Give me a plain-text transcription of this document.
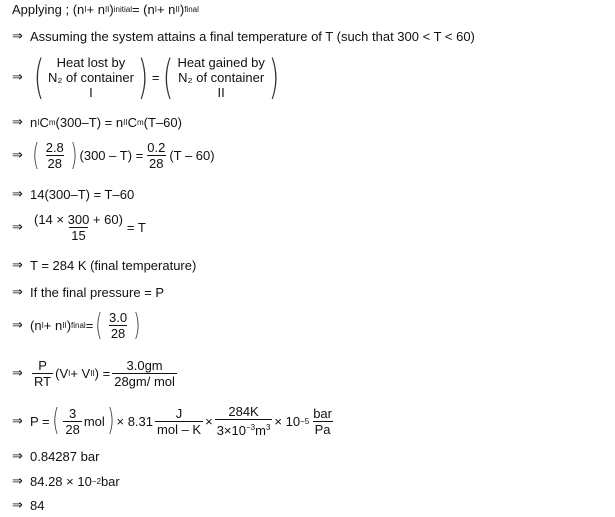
Applying ; (n I + n II ) initial = (n I + n II ) final
⇒ Assuming the system attains a final temperature of T (such that 300 < T < 60)
⇒ ( Heat lost by
N₂ of container
I ) = ( Heat gained by
N₂ of container
II )
⇒ n I C m (300–T) = n II C m (T–60)
⇒ ( $\frac{2.8}{28}$ ) $(300 - T) = \frac{0.2}{28} (T - 60)$
⇒ 14(300–T) = T–60
⇒ $\frac{(14 \times 300 + 60)}{15} = T$
⇒ T = 284 K (final temperature)
⇒ If the final pressure = P
⇒ (n I + n II ) final = ( $\frac{3.0}{28}$ )
⇒ $\frac{P}{RT} (V$ I + V II ) = $\frac{3.0gm}{\text{28gm/ mol}}$
⇒ P = ( $\frac{3}{28}$ mol ) × $8.31 \frac{J}{\text{mol – K}} \times \frac{284K}{3\times 10^{-3}m^3} \times 10 -5 \frac{\text{bar}}{Pa}$
⇒ 0.84287 bar
⇒ 84.28 × 10 −2 bar
⇒ 84
